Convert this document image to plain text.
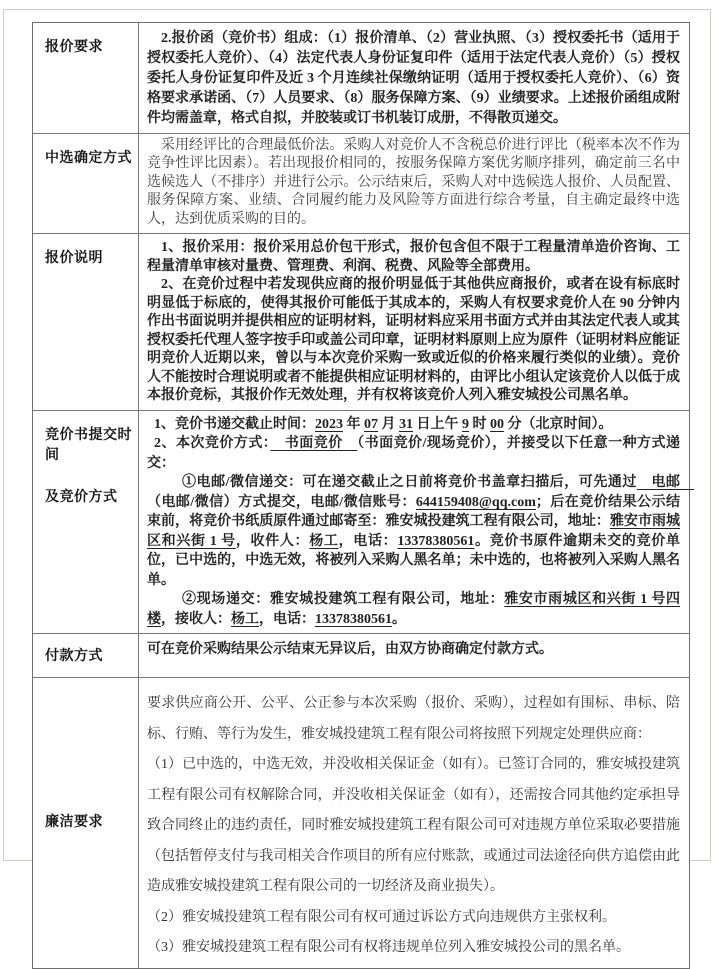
报价要求	2.报价函（竞价书）组成：（1）报价清单、（2）营业执照、（3）授权委托书（适用于授权委托人竞价）、（4）法定代表人身份证复印件（适用于法定代表人竞价）（5）授权委托人身份证复印件及近 3 个月连续社保缴纳证明（适用于授权委托人竞价）、（6）资格要求承诺函、（7）人员要求、（8）服务保障方案、（9）业绩要求。上述报价函组成附件均需盖章，格式自拟，并胶装或订书机装订成册，不得散页递交。

中选确定方式

采用经评比的合理最低价法。采购人对竞价人不含税总价进行评比（税率本次不作为竞争性评比因素）。若出现报价相同的，按服务保障方案优劣顺序排列，确定前三名中选候选人（不排序）并进行公示。公示结束后，采购人对中选候选人报价、人员配置、服务保障方案、业绩、合同履约能力及风险等方面进行综合考量，自主确定最终中选人，达到优质采购的目的。

报价说明

1、报价采用：报价采用总价包干形式，报价包含但不限于工程量清单造价咨询、工程量清单审核对量费、管理费、利润、税费、风险等全部费用。

2、在竞价过程中若发现供应商的报价明显低于其他供应商报价，或者在设有标底时明显低于标底的，使得其报价可能低于其成本的，采购人有权要求竞价人在 90 分钟内作出书面说明并提供相应的证明材料，证明材料应采用书面方式并由其法定代表人或其授权委托代理人签字按手印或盖公司印章，证明材料原则上应为原件（证明材料应能证明竞价人近期以来，曾以与本次竞价采购一致或近似的价格来履行类似的业绩）。竞价人不能按时合理说明或者不能提供相应证明材料的，由评比小组认定该竞价人以低于成本报价竞标，其报价作无效处理，并有权将该竞价人列入雅安城投公司黑名单。

竞价书提交时间
及竞价方式

1、竞价书递交截止时间：2023 年 07 月 31 日上午 9 时 00 分（北京时间）。

2、本次竞价方式：　书面竞价　（书面竞价/现场竞价），并接受以下任意一种方式递交：

①电邮/微信递交：可在递交截止之日前将竞价书盖章扫描后，可先通过　电邮　（电邮/微信）方式提交，电邮/微信账号：644159408@qq.com；后在竞价结果公示结束前，将竞价书纸质原件通过邮寄至：雅安城投建筑工程有限公司，地址：雅安市雨城区和兴街 1 号，收件人：杨工，电话：13378380561。竞价书原件逾期未交的竞价单位，已中选的，中选无效，将被列入采购人黑名单；未中选的，也将被列入采购人黑名单。

②现场递交：雅安城投建筑工程有限公司，地址：雅安市雨城区和兴街 1 号四楼，接收人：杨工，电话：13378380561。

付款方式	可在竞价采购结果公示结束无异议后，由双方协商确定付款方式。

廉洁要求

要求供应商公开、公平、公正参与本次采购（报价、采购），过程如有围标、串标、陪标、行贿、等行为发生，雅安城投建筑工程有限公司将按照下列规定处理供应商：

（1）已中选的，中选无效，并没收相关保证金（如有）。已签订合同的，雅安城投建筑工程有限公司有权解除合同，并没收相关保证金（如有），还需按合同其他约定承担导致合同终止的违约责任，同时雅安城投建筑工程有限公司可对违规方单位采取必要措施（包括暂停支付与我司相关合作项目的所有应付账款，或通过司法途径向供方追偿由此造成雅安城投建筑工程有限公司的一切经济及商业损失）。

（2）雅安城投建筑工程有限公司有权可通过诉讼方式向违规供方主张权利。

（3）雅安城投建筑工程有限公司有权将违规单位列入雅安城投公司的黑名单。
